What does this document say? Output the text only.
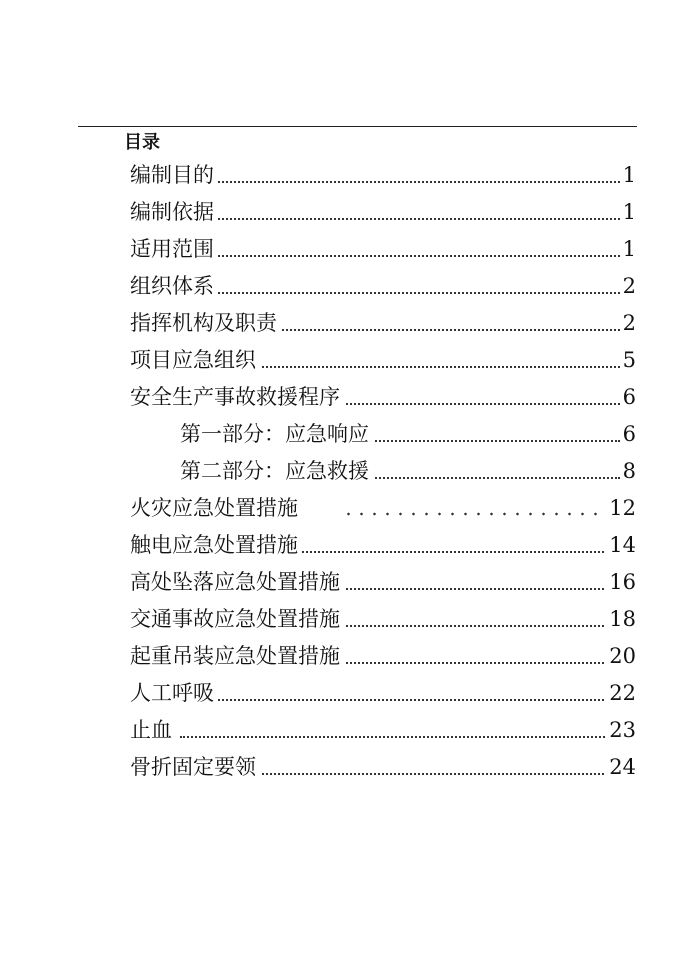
目录
编制目的	1
编制依据	1
适用范围	1
组织体系	2
指挥机构及职责	2
项目应急组织	5
安全生产事故救援程序	6
第一部分：应急响应	6
第二部分：应急救援	8
火灾应急处置措施	12
触电应急处置措施	14
高处坠落应急处置措施	16
交通事故应急处置措施	18
起重吊装应急处置措施	20
人工呼吸	22
止血	23
骨折固定要领	24
